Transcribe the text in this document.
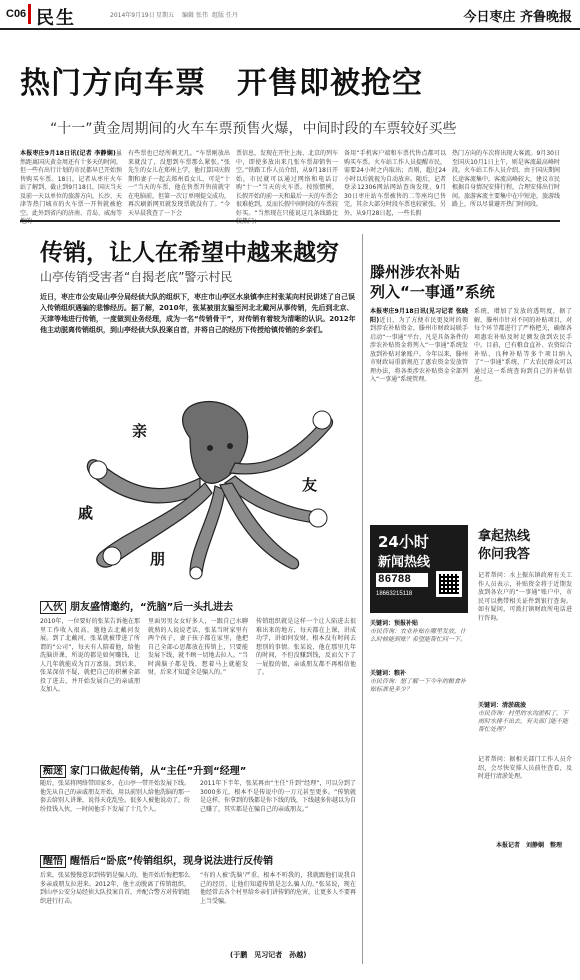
C06 民生	2014年9月19日 星期五 编辑 张伟 组版 任丹	今日枣庄 齐鲁晚报
热门方向车票　开售即被抢空
“十一”黄金周期间的火车车票预售火爆，中间时段的车票较好买些
本报枣庄9月18日讯(记者 李静娴)虽然距离国庆黄金周还有十多天的时间，但一些有出行计划的市民都早已开始预售购买车票。18日，记者从枣庄火车站了解到，截止到9月18日，国庆当天及前一天以单位的旅游方向，长沙、天津等热门城市的火车票一开售就被抢空。此外到省内的济南、青岛、威海等
有些票也已经所剩无几。“车票刚放出来就没了，没想到车票那么紧张。”张先生的女儿在郑州上学，他打算国庆假期和妻子一起去郑州看女儿，可是“十一”当天的车票，他在售票开售前就守在电脑前，但第一次订单刚提交成功，再次刷新网页就发现票就没有了。“今天早晨我查了一下会
票信息，发现在开往上海、北京的列车中，即使多放出来几张车票却销售一空。”铁路工作人员介绍，从9月18日开始，市民就可以通过网络和电话订购“十一”当天的火车票。按照惯例，长假开始的前一天和最后一天的车票会很难抢到，反而长假中间时段的车票较好买。“当然现在只能说这几条线路比
备用“手机客户端和车票代售点都可以购买车票。火车站工作人员提醒市民，需要24小时之内取出；否则，超过24小时以后就视为自动放弃。随后，记者登录12306网站网站查询发现，9月30日枣庄站车票被售的二等座均已售完，其余大部分时段车票也较紧张。另外，从9月28日起，一些长假
热门方向的车次将出现大客流。9月30日至国庆10月1日上午，则是客流最高峰时段。火车站工作人员介绍，由于国庆期间长途客流集中，客流高峰较大，建议市民根据自身情况安排行程，合理安排出行时间。旅游客流主要集中在中短途，旅游线路上，所以尽量避开热门时间段。
传销，让人在希望中越来越穷
山亭传销受害者“自揭老底”警示村民
近日，枣庄市公安局山亭分局经侦大队的组织下，枣庄市山亭区水泉镇李庄村张某向村民讲述了自己误入传销组织遇骗的悲惨经历。据了解，2010年，张某被朋友骗至河北北戴河从事传销，先后到北京、天津等地进行传销，一度做到业务经理，成为一名“传销骨干”，对传销有着较为清晰的认识。2012年他主动脱离传销组织，到山亭经侦大队投案自首，并将自己的经历下传授给镇传销的乡亲们。
亲
戚
友
朋
入伙 朋友盛情邀约，“洗脑”后一头扎进去
2010年，一位要好的张某告诉他在那里工作收入很高，邀他去北戴河发展。到了北戴河，张某就被带进了所谓的“公司”，每天有人陪着他，给他洗脑讲课，所说的都是如何赚钱，让人几年就能成为百万富翁。到后来，张某深信不疑，就把自己的积蓄全部投了进去，并开始发展自己的亲戚朋友加入。
里面男男女女好多人，一跟自己水聊就熟的人说说老话，张某当时家里有两个孩子，妻子孩子都在家里，他把自己全部心思都放在传销上，只要能发展下线，就不顾一切地去拉人。“当时满脑子都是钱，想着马上就能发财，后来才知道全是骗人的。”
传销组织就是这样一个让人陷进去很难出来的地方，每天都在上课，讲成功学，讲如何发财，根本没有时间去想别的事情。张某说，他在那里几年的时间，不但没赚到钱，反而欠下了一屁股的债，亲戚朋友都不再相信他了。
痴迷 家门口做起传销，从“主任”升到“经理”
随后，张某将网络带回家乡，在山亭一带开始发展下线。他先从自己的亲戚朋友开始，用以前别人给他洗脑的那一套去给别人讲课，说得天花乱坠。很多人被他说动了，纷纷投钱入伙，一时间他手下发展了十几个人。
2011年下半年，张某再由“主任”升到“经理”，可以分到了3000多元，根本不是传说中的一万元甚至更多。“传销就是这样，你拿到的钱都是你下线的钱，下线越多你越以为自己赚了，其实都是在骗自己的亲戚朋友。”
醒悟 醒悟后“卧底”传销组织，现身说法进行反传销
后来，张某慢慢意识到传销是骗人的，他开始后悔把那么多亲戚朋友拉进来。2012年，他主动脱离了传销组织，到山亭公安分局经侦大队投案自首，并配合警方对传销组织进行打击。
“有的人被‘洗脑’严重，根本不听我的，我就跟他们说我自己的经历，让他们知道传销是怎么骗人的。”张某说，现在他经常去各个村里给乡亲们讲传销的危害，让更多人不要再上当受骗。
(于鹏　见习记者　孙越)
滕州涉农补贴
列入“一事通”系统
本报枣庄9月18日讯(见习记者 张晓阳)近日，为了方便市民更及时的领到涉农补贴资金，滕州市财政局联手启动“一事通”平台，凡是具备条件的涉农补贴资金将列入“一事通”系统发放到补贴对象账户。今年以来，滕州市财政局重新规范了惠农资金发放管理办法，将各类涉农补贴资金全部列入“一事通”系统管理。
系统，增加了发放的透明度，据了解，滕州市针对不同的补贴项目，对每个环节都进行了严格把关，确保各项惠农补贴及时足额发放到农民手中。目前，已有粮食直补、农资综合补贴、良种补贴等多个项目纳入了“一事通”系统，广大农民群众可以通过这一系统查询到自己的补贴信息。
24小时
新闻热线
86788
18663215118
拿起热线
你问我答
关键词：预报补贴
市民咨询：农业补贴在哪里发放，什么时候能到账？希望能帮忙问一下。
关键词：粮补
市民咨询：想了解一下今年的粮食补贴标准是多少？
记者帮问：水上振东镇政府有关工作人员表示，补贴资金将于近期发放到各农户的“一事通”账户中，市民可以携带相关证件到银行查询。如有疑问，可拨打镇财政所电话进行咨询。
关键词：清淤疏浚
市民咨询：村里的水沟淤积了，下雨时水排不出去，有关部门能不能帮忙处理？
记者帮问：据相关部门工作人员介绍，会尽快安排人员前往查看，及时进行清淤处理。
本报记者　刘静娴　整理
